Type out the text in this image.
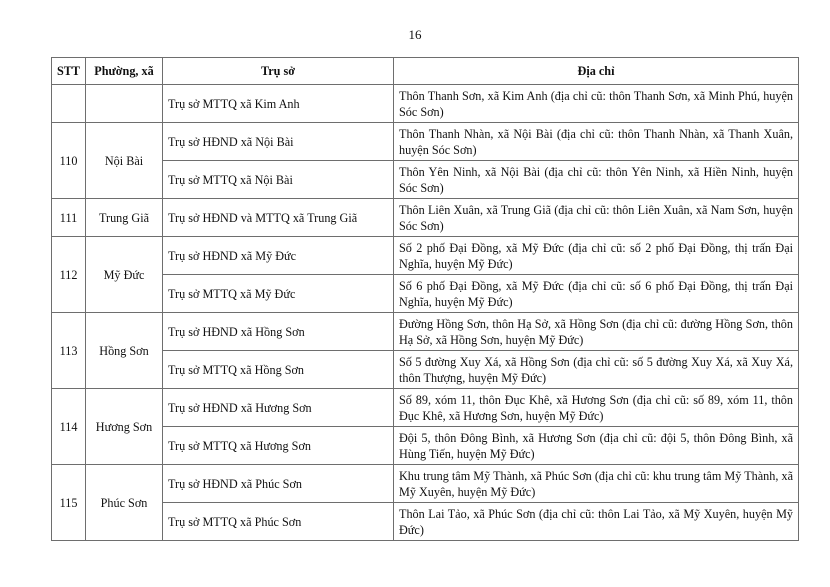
16
STT	Phường, xã	Trụ sở	Địa chỉ
		Trụ sở MTTQ xã Kim Anh	Thôn Thanh Sơn, xã Kim Anh (địa chỉ cũ: thôn Thanh Sơn, xã Minh Phú, huyện Sóc Sơn)
110	Nội Bài	Trụ sở HĐND xã Nội Bài	Thôn Thanh Nhàn, xã Nội Bài (địa chỉ cũ: thôn Thanh Nhàn, xã Thanh Xuân, huyện Sóc Sơn)
		Trụ sở MTTQ xã Nội Bài	Thôn Yên Ninh, xã Nội Bài (địa chỉ cũ: thôn Yên Ninh, xã Hiền Ninh, huyện Sóc Sơn)
111	Trung Giã	Trụ sở HĐND và MTTQ xã Trung Giã	Thôn Liên Xuân, xã Trung Giã (địa chỉ cũ: thôn Liên Xuân, xã Nam Sơn, huyện Sóc Sơn)
112	Mỹ Đức	Trụ sở HĐND xã Mỹ Đức	Số 2 phố Đại Đồng, xã Mỹ Đức (địa chỉ cũ: số 2 phố Đại Đồng, thị trấn Đại Nghĩa, huyện Mỹ Đức)
		Trụ sở MTTQ xã Mỹ Đức	Số 6 phố Đại Đồng, xã Mỹ Đức (địa chỉ cũ: số 6 phố Đại Đồng, thị trấn Đại Nghĩa, huyện Mỹ Đức)
113	Hồng Sơn	Trụ sở HĐND xã Hồng Sơn	Đường Hồng Sơn, thôn Hạ Sở, xã Hồng Sơn (địa chỉ cũ: đường Hồng Sơn, thôn Hạ Sở, xã Hồng Sơn, huyện Mỹ Đức)
		Trụ sở MTTQ xã Hồng Sơn	Số 5 đường Xuy Xá, xã Hồng Sơn (địa chỉ cũ: số 5 đường Xuy Xá, xã Xuy Xá, thôn Thượng, huyện Mỹ Đức)
114	Hương Sơn	Trụ sở HĐND xã Hương Sơn	Số 89, xóm 11, thôn Đục Khê, xã Hương Sơn (địa chỉ cũ: số 89, xóm 11, thôn Đục Khê, xã Hương Sơn, huyện Mỹ Đức)
		Trụ sở MTTQ xã Hương Sơn	Đội 5, thôn Đông Bình, xã Hương Sơn (địa chỉ cũ: đội 5, thôn Đông Bình, xã Hùng Tiến, huyện Mỹ Đức)
115	Phúc Sơn	Trụ sở HĐND xã Phúc Sơn	Khu trung tâm Mỹ Thành, xã Phúc Sơn (địa chỉ cũ: khu trung tâm Mỹ Thành, xã Mỹ Xuyên, huyện Mỹ Đức)
		Trụ sở MTTQ xã Phúc Sơn	Thôn Lai Tảo, xã Phúc Sơn (địa chỉ cũ: thôn Lai Tảo, xã Mỹ Xuyên, huyện Mỹ Đức)
